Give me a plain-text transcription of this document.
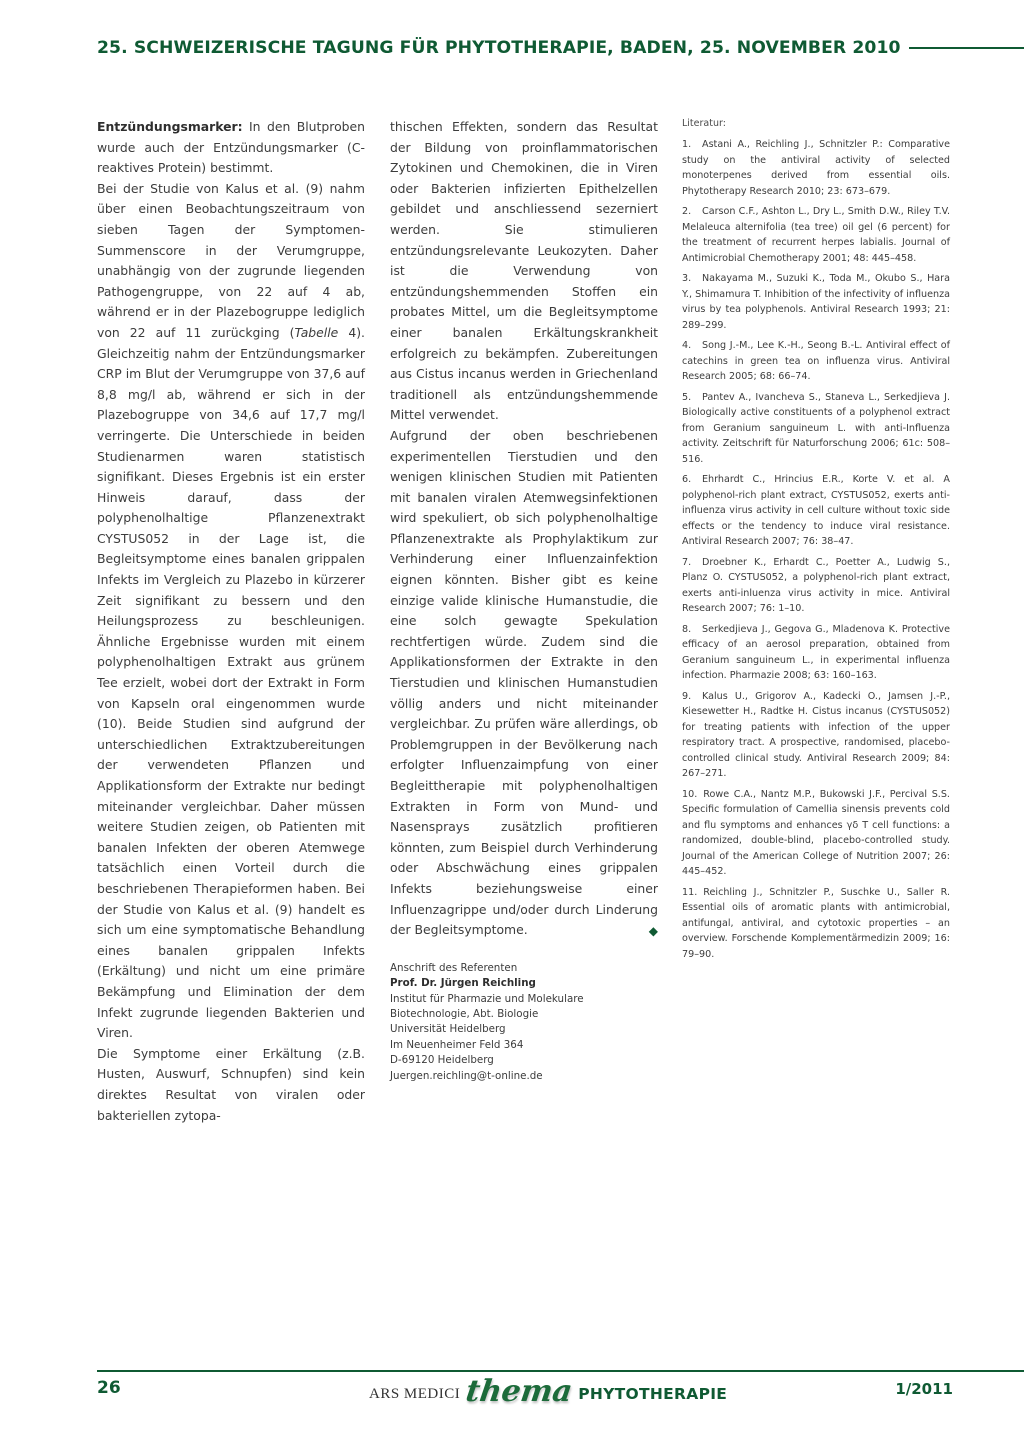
25. SCHWEIZERISCHE TAGUNG FÜR PHYTOTHERAPIE, BADEN, 25. NOVEMBER 2010

Entzündungsmarker: In den Blutproben wurde auch der Entzündungsmarker (C-reaktives Protein) bestimmt.

Bei der Studie von Kalus et al. (9) nahm über einen Beobachtungszeitraum von sieben Tagen der Symptomen-Summenscore in der Verumgruppe, unabhängig von der zugrunde liegenden Pathogengruppe, von 22 auf 4 ab, während er in der Plazebogruppe lediglich von 22 auf 11 zurückging (Tabelle 4). Gleichzeitig nahm der Entzündungsmarker CRP im Blut der Verumgruppe von 37,6 auf 8,8 mg/l ab, während er sich in der Plazebogruppe von 34,6 auf 17,7 mg/l verringerte. Die Unterschiede in beiden Studienarmen waren statistisch signifikant. Dieses Ergebnis ist ein erster Hinweis darauf, dass der polyphenolhaltige Pflanzenextrakt CYSTUS052 in der Lage ist, die Begleitsymptome eines banalen grippalen Infekts im Vergleich zu Plazebo in kürzerer Zeit signifikant zu bessern und den Heilungsprozess zu beschleunigen. Ähnliche Ergebnisse wurden mit einem polyphenolhaltigen Extrakt aus grünem Tee erzielt, wobei dort der Extrakt in Form von Kapseln oral eingenommen wurde (10). Beide Studien sind aufgrund der unterschiedlichen Extraktzubereitungen der verwendeten Pflanzen und Applikationsform der Extrakte nur bedingt miteinander vergleichbar. Daher müssen weitere Studien zeigen, ob Patienten mit banalen Infekten der oberen Atemwege tatsächlich einen Vorteil durch die beschriebenen Therapieformen haben. Bei der Studie von Kalus et al. (9) handelt es sich um eine symptomatische Behandlung eines banalen grippalen Infekts (Erkältung) und nicht um eine primäre Bekämpfung und Elimination der dem Infekt zugrunde liegenden Bakterien und Viren.

Die Symptome einer Erkältung (z.B. Husten, Auswurf, Schnupfen) sind kein direktes Resultat von viralen oder bakteriellen zytopa-

thischen Effekten, sondern das Resultat der Bildung von proinflammatorischen Zytokinen und Chemokinen, die in Viren oder Bakterien infizierten Epithelzellen gebildet und anschliessend sezerniert werden. Sie stimulieren entzündungsrelevante Leukozyten. Daher ist die Verwendung von entzündungshemmenden Stoffen ein probates Mittel, um die Begleitsymptome einer banalen Erkältungskrankheit erfolgreich zu bekämpfen. Zubereitungen aus Cistus incanus werden in Griechenland traditionell als entzündungshemmende Mittel verwendet.

Aufgrund der oben beschriebenen experimentellen Tierstudien und den wenigen klinischen Studien mit Patienten mit banalen viralen Atemwegsinfektionen wird spekuliert, ob sich polyphenolhaltige Pflanzenextrakte als Prophylaktikum zur Verhinderung einer Influenzainfektion eignen könnten. Bisher gibt es keine einzige valide klinische Humanstudie, die eine solch gewagte Spekulation rechtfertigen würde. Zudem sind die Applikationsformen der Extrakte in den Tierstudien und klinischen Humanstudien völlig anders und nicht miteinander vergleichbar. Zu prüfen wäre allerdings, ob Problemgruppen in der Bevölkerung nach erfolgter Influenzaimpfung von einer Begleittherapie mit polyphenolhaltigen Extrakten in Form von Mund- und Nasensprays zusätzlich profitieren könnten, zum Beispiel durch Verhinderung oder Abschwächung eines grippalen Infekts beziehungsweise einer Influenzagrippe und/oder durch Linderung der Begleitsymptome.	◆

Anschrift des Referenten
Prof. Dr. Jürgen Reichling
Institut für Pharmazie und Molekulare Biotechnologie, Abt. Biologie
Universität Heidelberg
Im Neuenheimer Feld 364
D-69120 Heidelberg
Juergen.reichling@t-online.de
Literatur:

1. Astani A., Reichling J., Schnitzler P.: Comparative study on the antiviral activity of selected monoterpenes derived from essential oils. Phytotherapy Research 2010; 23: 673–679.

2. Carson C.F., Ashton L., Dry L., Smith D.W., Riley T.V. Melaleuca alternifolia (tea tree) oil gel (6 percent) for the treatment of recurrent herpes labialis. Journal of Antimicrobial Chemotherapy 2001; 48: 445–458.

3. Nakayama M., Suzuki K., Toda M., Okubo S., Hara Y., Shimamura T. Inhibition of the infectivity of influenza virus by tea polyphenols. Antiviral Research 1993; 21: 289–299.

4. Song J.-M., Lee K.-H., Seong B.-L. Antiviral effect of catechins in green tea on influenza virus. Antiviral Research 2005; 68: 66–74.

5. Pantev A., Ivancheva S., Staneva L., Serkedjieva J. Biologically active constituents of a polyphenol extract from Geranium sanguineum L. with anti-Influenza activity. Zeitschrift für Naturforschung 2006; 61c: 508–516.

6. Ehrhardt C., Hrincius E.R., Korte V. et al. A polyphenol-rich plant extract, CYSTUS052, exerts anti-influenza virus activity in cell culture without toxic side effects or the tendency to induce viral resistance. Antiviral Research 2007; 76: 38–47.

7. Droebner K., Erhardt C., Poetter A., Ludwig S., Planz O. CYSTUS052, a polyphenol-rich plant extract, exerts anti-inluenza virus activity in mice. Antiviral Research 2007; 76: 1–10.

8. Serkedjieva J., Gegova G., Mladenova K. Protective efficacy of an aerosol preparation, obtained from Geranium sanguineum L., in experimental influenza infection. Pharmazie 2008; 63: 160–163.

9. Kalus U., Grigorov A., Kadecki O., Jamsen J.-P., Kiesewetter H., Radtke H. Cistus incanus (CYSTUS052) for treating patients with infection of the upper respiratory tract. A prospective, randomised, placebo-controlled clinical study. Antiviral Research 2009; 84: 267–271.

10. Rowe C.A., Nantz M.P., Bukowski J.F., Percival S.S. Specific formulation of Camellia sinensis prevents cold and flu symptoms and enhances γδ T cell functions: a randomized, double-blind, placebo-controlled study. Journal of the American College of Nutrition 2007; 26: 445–452.

11. Reichling J., Schnitzler P., Suschke U., Saller R. Essential oils of aromatic plants with antimicrobial, antifungal, antiviral, and cytotoxic properties – an overview. Forschende Komplementärmedizin 2009; 16: 79–90.

26	ARS MEDICI thema PHYTOTHERAPIE	1/2011
